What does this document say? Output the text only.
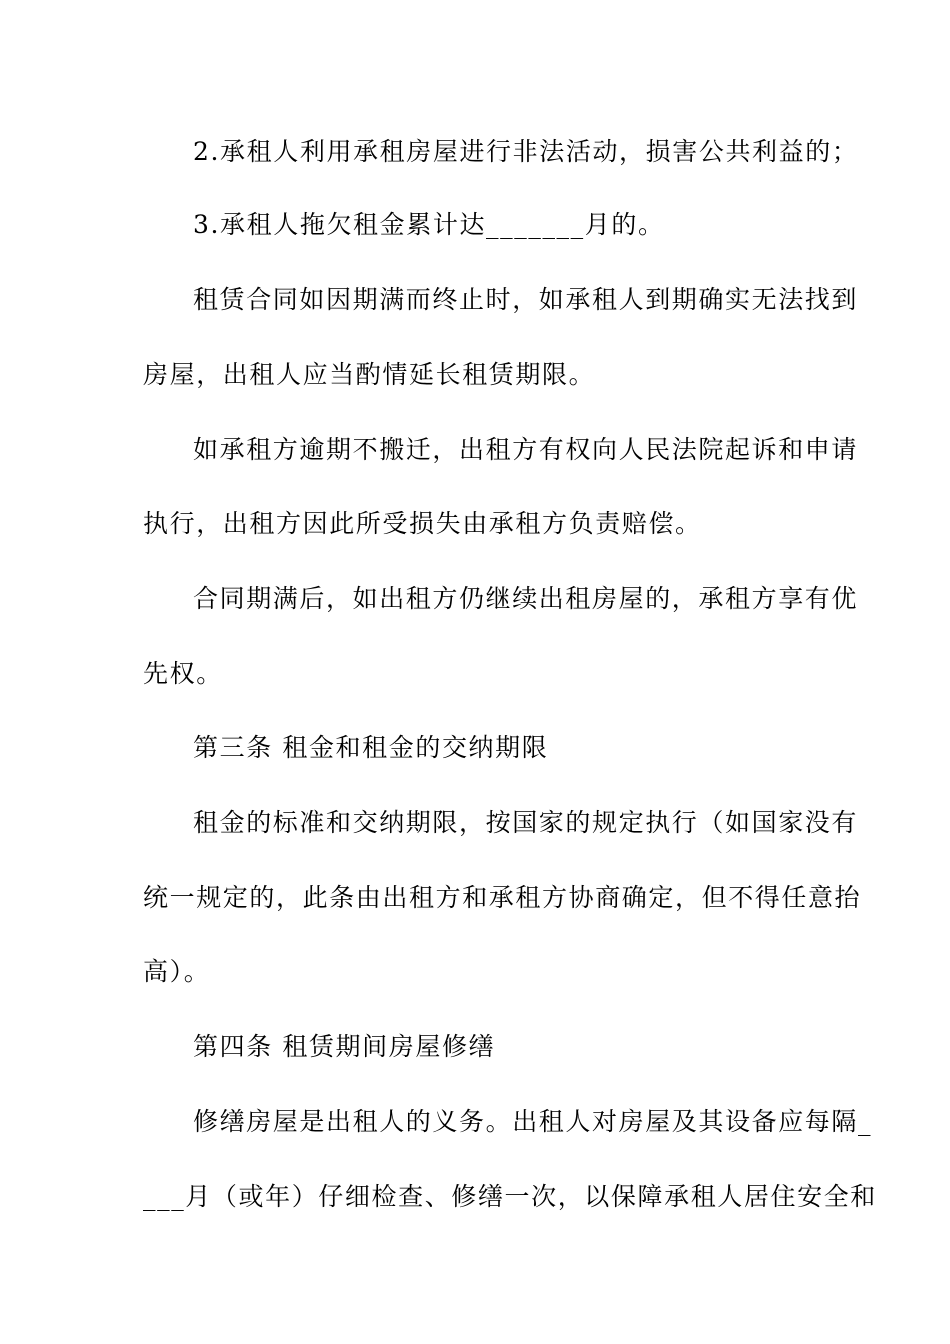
2.承租人利用承租房屋进行非法活动，损害公共利益的；
3.承租人拖欠租金累计达_______月的。
租赁合同如因期满而终止时，如承租人到期确实无法找到
房屋，出租人应当酌情延长租赁期限。
如承租方逾期不搬迁，出租方有权向人民法院起诉和申请
执行，出租方因此所受损失由承租方负责赔偿。
合同期满后，如出租方仍继续出租房屋的，承租方享有优
先权。
第三条 租金和租金的交纳期限
租金的标准和交纳期限，按国家的规定执行（如国家没有
统一规定的，此条由出租方和承租方协商确定，但不得任意抬
高）。
第四条 租赁期间房屋修缮
修缮房屋是出租人的义务。出租人对房屋及其设备应每隔_
___月（或年）仔细检查、修缮一次，以保障承租人居住安全和
